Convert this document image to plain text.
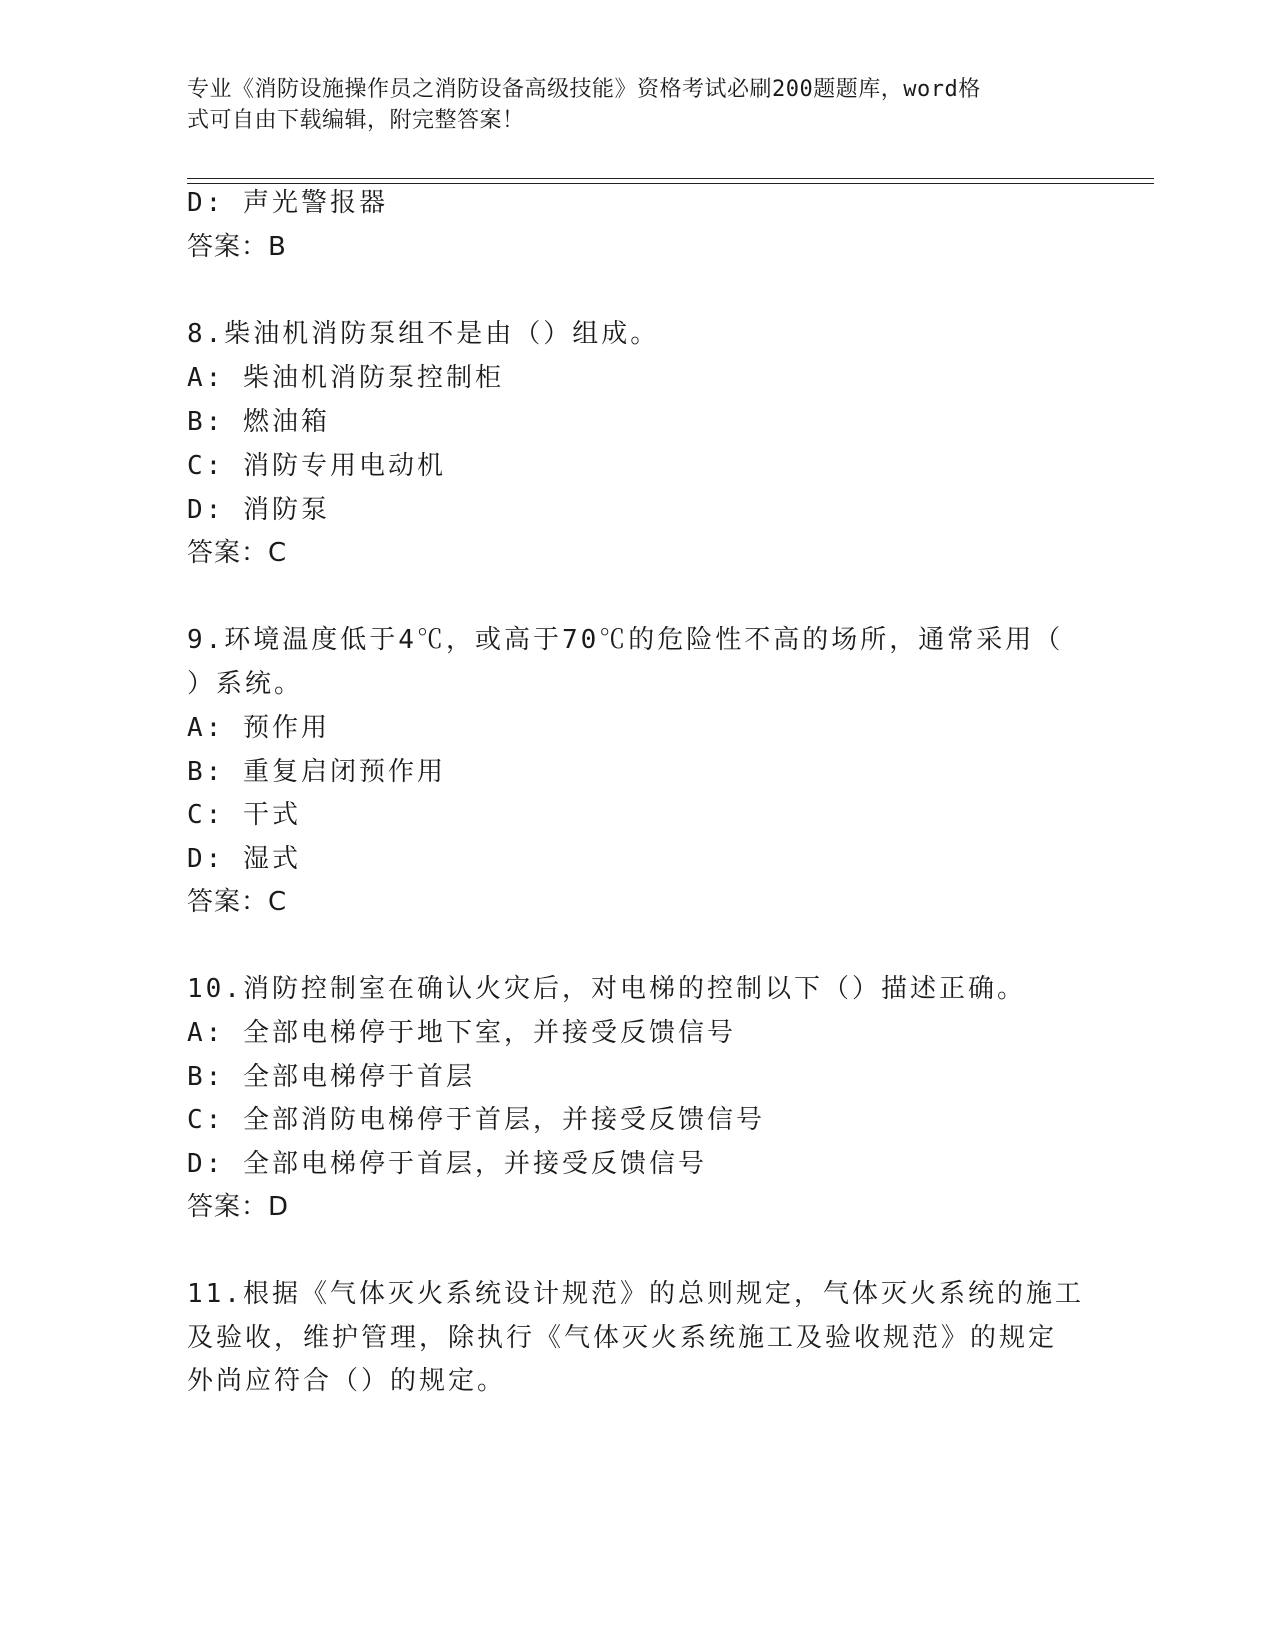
专业《消防设施操作员之消防设备高级技能》资格考试必刷200题题库，word格
式可自由下载编辑，附完整答案！
D: 声光警报器
答案：B
8.柴油机消防泵组不是由（）组成。
A: 柴油机消防泵控制柜
B: 燃油箱
C: 消防专用电动机
D: 消防泵
答案：C
9.环境温度低于4℃，或高于70℃的危险性不高的场所，通常采用（
）系统。
A: 预作用
B: 重复启闭预作用
C: 干式
D: 湿式
答案：C
10.消防控制室在确认火灾后，对电梯的控制以下（）描述正确。
A: 全部电梯停于地下室，并接受反馈信号
B: 全部电梯停于首层
C: 全部消防电梯停于首层，并接受反馈信号
D: 全部电梯停于首层，并接受反馈信号
答案：D
11.根据《气体灭火系统设计规范》的总则规定，气体灭火系统的施工
及验收，维护管理，除执行《气体灭火系统施工及验收规范》的规定
外尚应符合（）的规定。
